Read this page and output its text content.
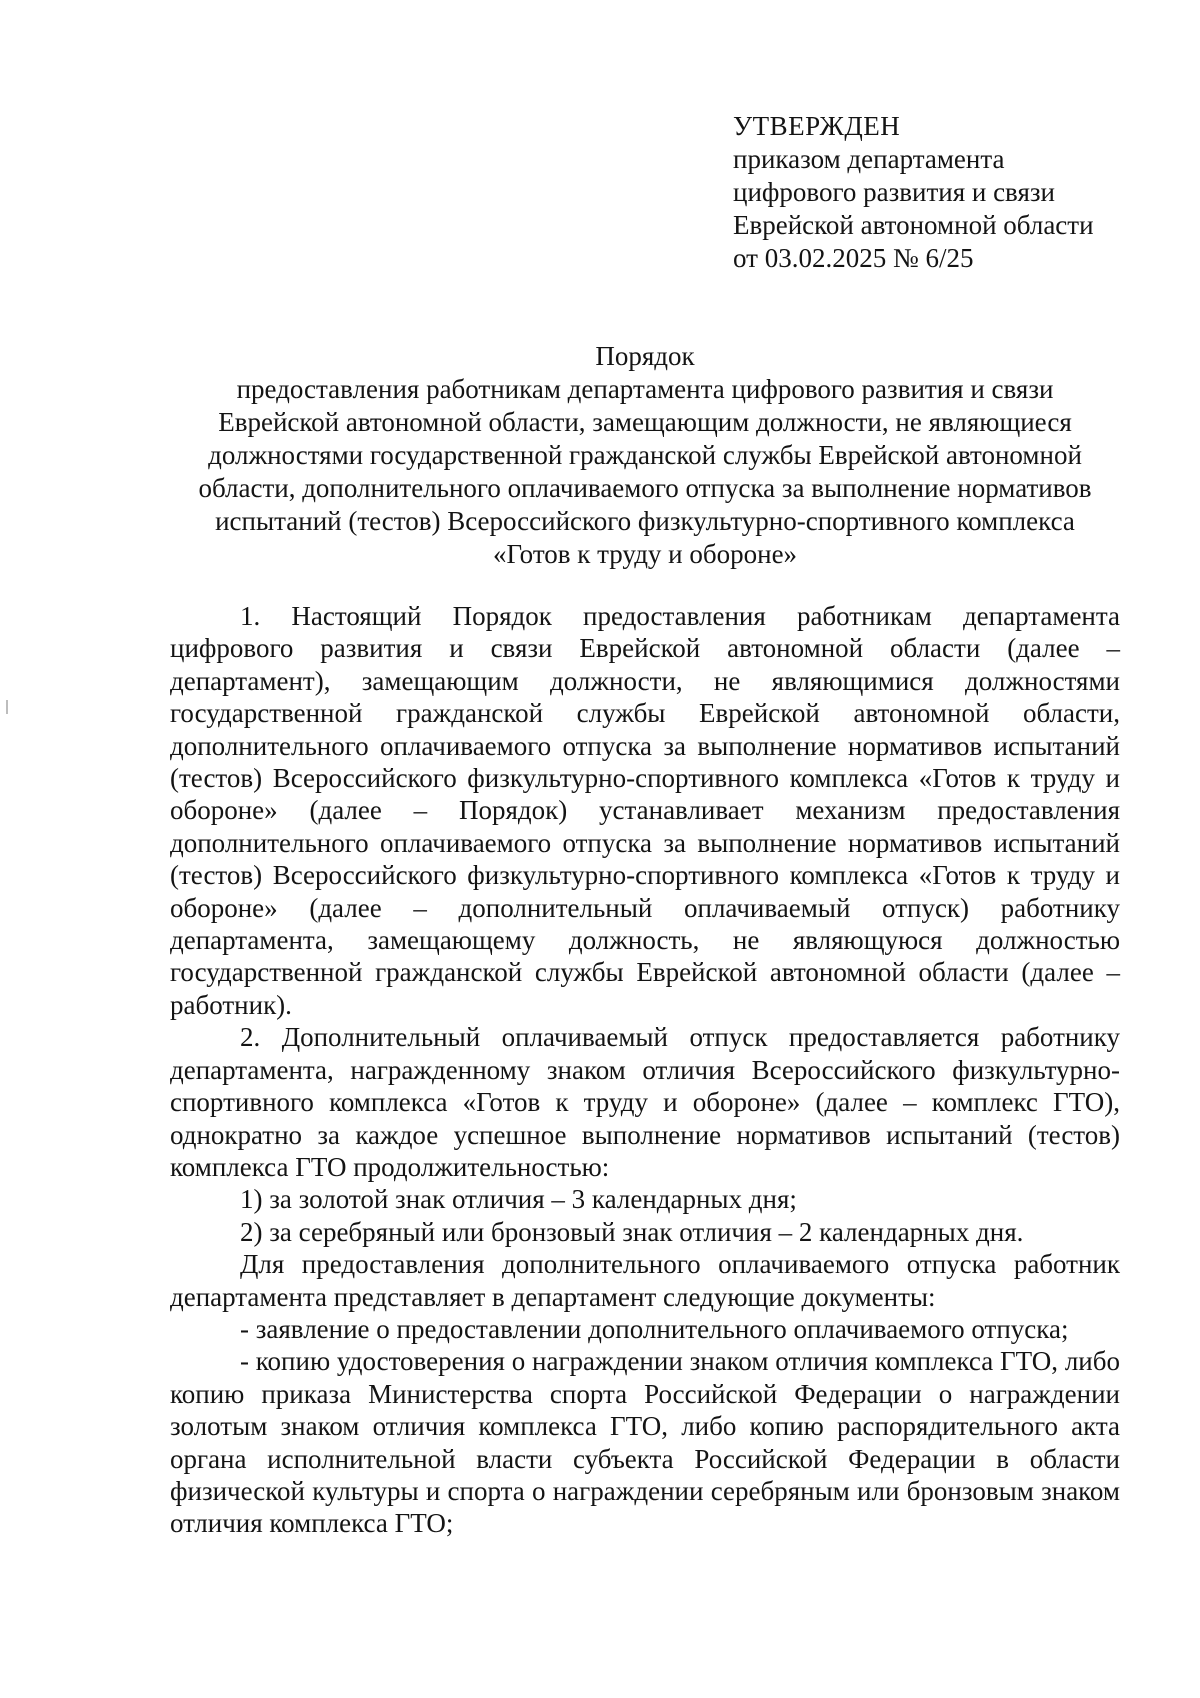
УТВЕРЖДЕН
приказом департамента
цифрового развития и связи
Еврейской автономной области
от 03.02.2025 № 6/25
Порядок
предоставления работникам департамента цифрового развития и связи
Еврейской автономной области, замещающим должности, не являющиеся
должностями государственной гражданской службы Еврейской автономной
области, дополнительного оплачиваемого отпуска за выполнение нормативов
испытаний (тестов) Всероссийского физкультурно-спортивного комплекса
«Готов к труду и обороне»

1. Настоящий Порядок предоставления работникам департамента цифрового развития и связи Еврейской автономной области (далее – департамент), замещающим должности, не являющимися должностями государственной гражданской службы Еврейской автономной области, дополнительного оплачиваемого отпуска за выполнение нормативов испытаний (тестов) Всероссийского физкультурно-спортивного комплекса «Готов к труду и обороне» (далее – Порядок) устанавливает механизм предоставления дополнительного оплачиваемого отпуска за выполнение нормативов испытаний (тестов) Всероссийского физкультурно-спортивного комплекса «Готов к труду и обороне» (далее – дополнительный оплачиваемый отпуск) работнику департамента, замещающему должность, не являющуюся должностью государственной гражданской службы Еврейской автономной области (далее – работник).

2. Дополнительный оплачиваемый отпуск предоставляется работнику департамента, награжденному знаком отличия Всероссийского физкультурно-спортивного комплекса «Готов к труду и обороне» (далее – комплекс ГТО), однократно за каждое успешное выполнение нормативов испытаний (тестов) комплекса ГТО продолжительностью:

1) за золотой знак отличия – 3 календарных дня;

2) за серебряный или бронзовый знак отличия – 2 календарных дня.

Для предоставления дополнительного оплачиваемого отпуска работник департамента представляет в департамент следующие документы:

- заявление о предоставлении дополнительного оплачиваемого отпуска;

- копию удостоверения о награждении знаком отличия комплекса ГТО, либо копию приказа Министерства спорта Российской Федерации о награждении золотым знаком отличия комплекса ГТО, либо копию распорядительного акта органа исполнительной власти субъекта Российской Федерации в области физической культуры и спорта о награждении серебряным или бронзовым знаком отличия комплекса ГТО;
